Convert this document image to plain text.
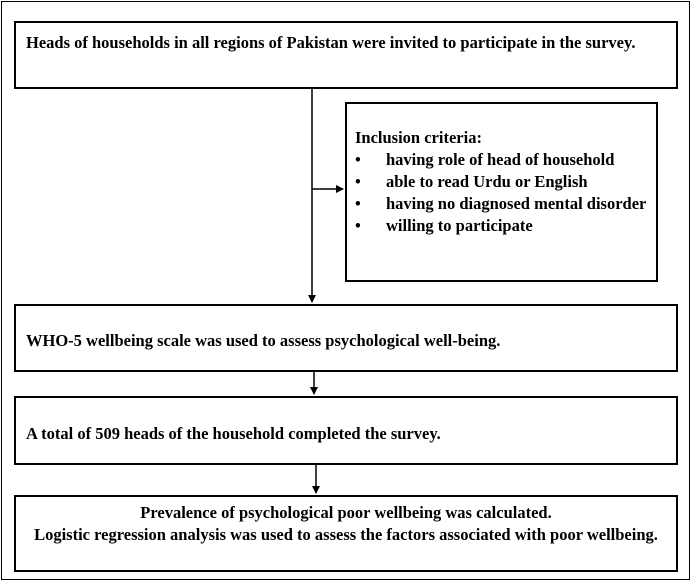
Heads of households in all regions of Pakistan were invited to participate in the survey.
Inclusion criteria:
• having role of head of household
• able to read Urdu or English
• having no diagnosed mental disorder
• willing to participate
WHO-5 wellbeing scale was used to assess psychological well-being.
A total of 509 heads of the household completed the survey.
Prevalence of psychological poor wellbeing was calculated.
Logistic regression analysis was used to assess the factors associated with poor wellbeing.
